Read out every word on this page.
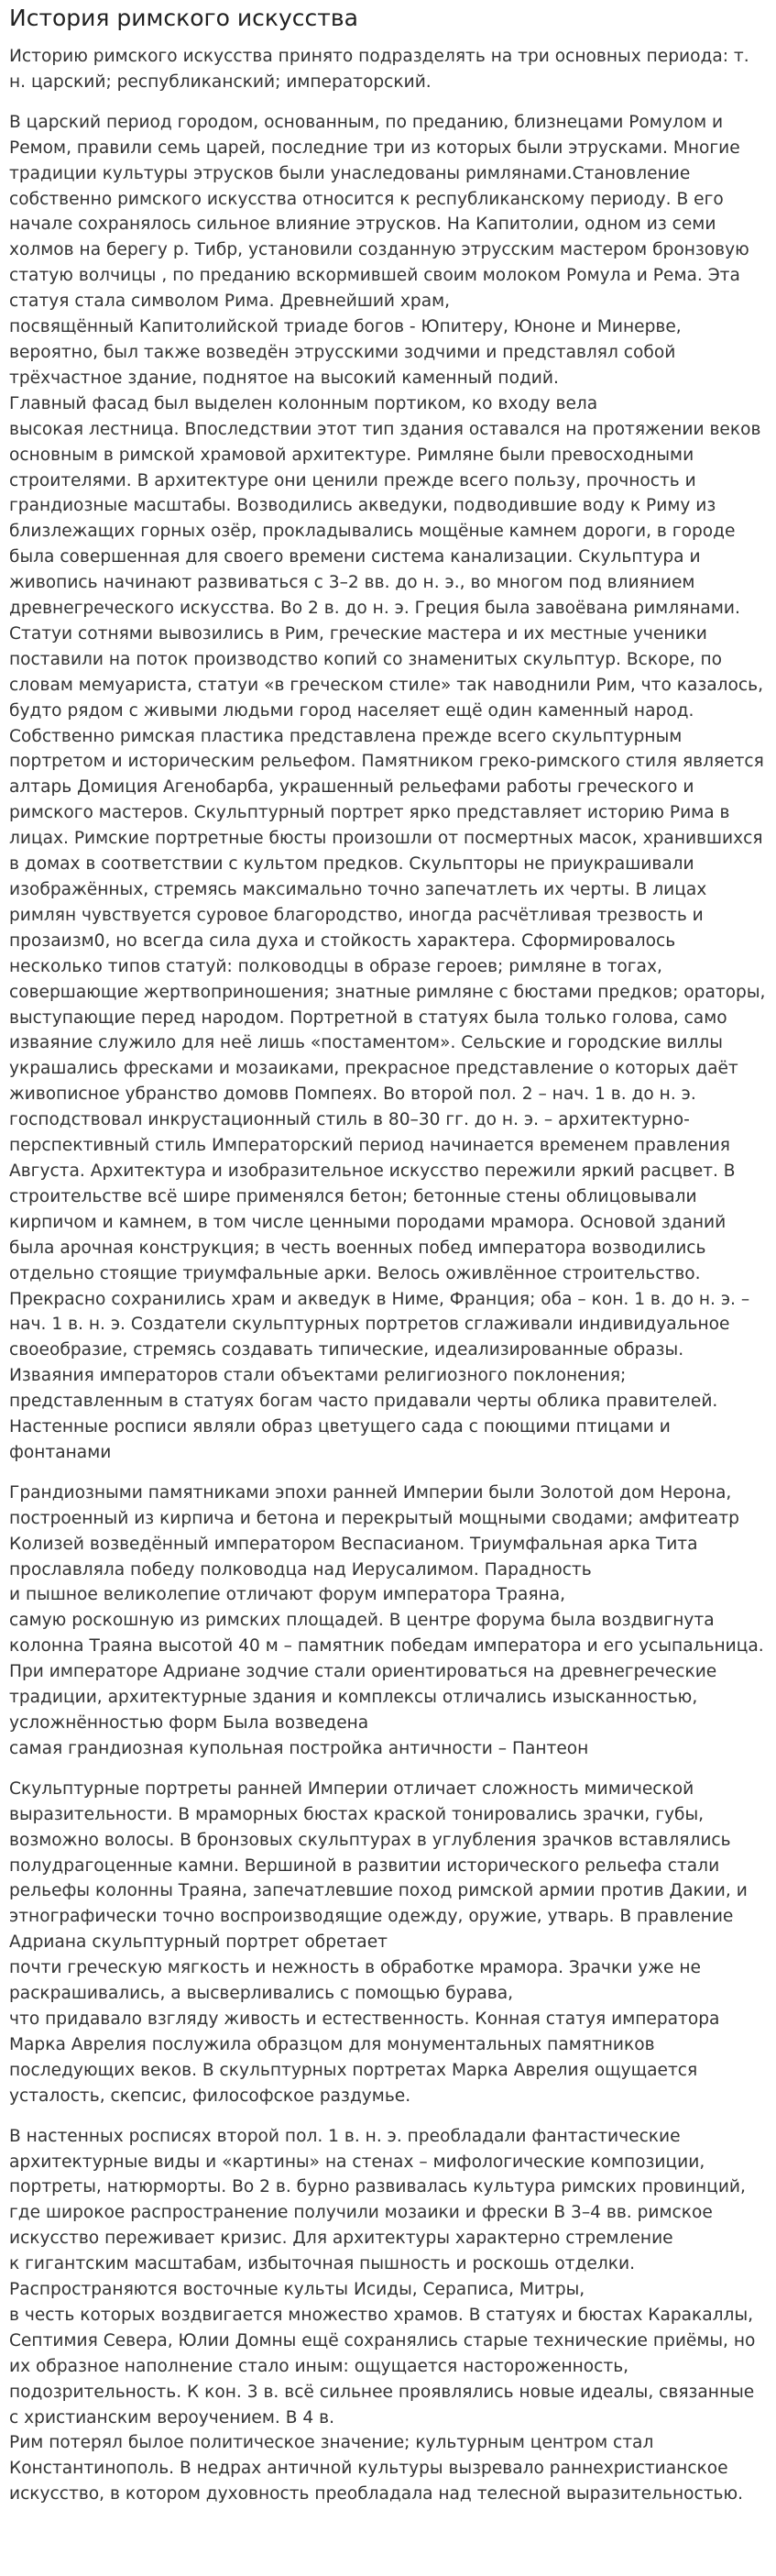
История римского искусства

Историю римского искусства принято подразделять на три основных периода: т. н. царский; республиканский; императорский.

В царский период городом, основанным, по преданию, близнецами Ромулом и Ремом, правили семь царей, последние три из которых были этрусками. Многие традиции культуры этрусков были унаследованы римлянами.Становление собственно римского искусства относится к республиканскому периоду. В его начале сохранялось сильное влияние этрусков. На Капитолии, одном из семи холмов на берегу р. Тибр, установили созданную этрусским мастером бронзовую статую волчицы , по преданию вскормившей своим молоком Ромула и Рема. Эта статуя стала символом Рима. Древнейший храм,
посвящённый Капитолийской триаде богов - Юпитеру, Юноне и Минерве, вероятно, был также возведён этрусскими зодчими и представлял собой трёхчастное здание, поднятое на высокий каменный подий.
Главный фасад был выделен колонным портиком, ко входу вела
высокая лестница. Впоследствии этот тип здания оставался на протяжении веков основным в римской храмовой архитектуре. Римляне были превосходными строителями. В архитектуре они ценили прежде всего пользу, прочность и грандиозные масштабы. Возводились акведуки, подводившие воду к Риму из близлежащих горных озёр, прокладывались мощёные камнем дороги, в городе была совершенная для своего времени система канализации. Скульптура и живопись начинают развиваться с 3–2 вв. до н. э., во многом под влиянием древнегреческого искусства. Во 2 в. до н. э. Греция была завоёвана римлянами. Статуи сотнями вывозились в Рим, греческие мастера и их местные ученики поставили на поток производство копий со знаменитых скульптур. Вскоре, по словам мемуариста, статуи «в греческом стиле» так наводнили Рим, что казалось, будто рядом с живыми людьми город населяет ещё один каменный народ. Собственно римская пластика представлена прежде всего скульптурным портретом и историческим рельефом. Памятником греко-римского стиля является алтарь Домиция Агенобарба, украшенный рельефами работы греческого и римского мастеров. Скульптурный портрет ярко представляет историю Рима в лицах. Римские портретные бюсты произошли от посмертных масок, хранившихся в домах в соответствии с культом предков. Скульпторы не приукрашивали изображённых, стремясь максимально точно запечатлеть их черты. В лицах римлян чувствуется суровое благородство, иногда расчётливая трезвость и прозаизм0, но всегда сила духа и стойкость характера. Сформировалось несколько типов статуй: полководцы в образе героев; римляне в тогах, совершающие жертвоприношения; знатные римляне с бюстами предков; ораторы, выступающие перед народом. Портретной в статуях была только голова, само изваяние служило для неё лишь «постаментом». Сельские и городские виллы украшались фресками и мозаиками, прекрасное представление о которых даёт живописное убранство домовв Помпеях. Во второй пол. 2 – нач. 1 в. до н. э. господствовал инкрустационный стиль в 80–30 гг. до н. э. – архитектурно-перспективный стиль Императорский период начинается временем правления Августа. Архитектура и изобразительное искусство пережили яркий расцвет. В строительстве всё шире применялся бетон; бетонные стены облицовывали кирпичом и камнем, в том числе ценными породами мрамора. Основой зданий была арочная конструкция; в честь военных побед императора возводились отдельно стоящие триумфальные арки. Велось оживлённое строительство. Прекрасно сохранились храм и акведук в Ниме, Франция; оба – кон. 1 в. до н. э. – нач. 1 в. н. э. Создатели скульптурных портретов сглаживали индивидуальное своеобразие, стремясь создавать типические, идеализированные образы. Изваяния императоров стали объектами религиозного поклонения; представленным в статуях богам часто придавали черты облика правителей. Настенные росписи являли образ цветущего сада с поющими птицами и фонтанами

Грандиозными памятниками эпохи ранней Империи были Золотой дом Нерона, построенный из кирпича и бетона и перекрытый мощными сводами; амфитеатр Колизей возведённый императором Веспасианом. Триумфальная арка Тита прославляла победу полководца над Иерусалимом. Парадность
и пышное великолепие отличают форум императора Траяна,
самую роскошную из римских площадей. В центре форума была воздвигнута колонна Траяна высотой 40 м – памятник победам императора и его усыпальница. При императоре Адриане зодчие стали ориентироваться на древнегреческие традиции, архитектурные здания и комплексы отличались изысканностью, усложнённостью форм Была возведена
самая грандиозная купольная постройка античности – Пантеон

Скульптурные портреты ранней Империи отличает сложность мимической выразительности. В мраморных бюстах краской тонировались зрачки, губы, возможно волосы. В бронзовых скульптурах в углубления зрачков вставлялись полудрагоценные камни. Вершиной в развитии исторического рельефа стали рельефы колонны Траяна, запечатлевшие поход римской армии против Дакии, и этнографически точно воспроизводящие одежду, оружие, утварь. В правление Адриана скульптурный портрет обретает
почти греческую мягкость и нежность в обработке мрамора. Зрачки уже не раскрашивались, а высверливались с помощью бурава,
что придавало взгляду живость и естественность. Конная статуя императора Марка Аврелия послужила образцом для монументальных памятников последующих веков. В скульптурных портретах Марка Аврелия ощущается усталость, скепсис, философское раздумье.

В настенных росписях второй пол. 1 в. н. э. преобладали фантастические архитектурные виды и «картины» на стенах – мифологические композиции, портреты, натюрморты. Во 2 в. бурно развивалась культура римских провинций, где широкое распространение получили мозаики и фрески В 3–4 вв. римское искусство переживает кризис. Для архитектуры характерно стремление
к гигантским масштабам, избыточная пышность и роскошь отделки. Распространяются восточные культы Исиды, Сераписа, Митры,
в честь которых воздвигается множество храмов. В статуях и бюстах Каракаллы, Септимия Севера, Юлии Домны ещё сохранялись старые технические приёмы, но их образное наполнение стало иным: ощущается настороженность, подозрительность. К кон. 3 в. всё сильнее проявлялись новые идеалы, связанные с христианским вероучением. В 4 в.
Рим потерял былое политическое значение; культурным центром стал Константинополь. В недрах античной культуры вызревало раннехристианское искусство, в котором духовность преобладала над телесной выразительностью.
